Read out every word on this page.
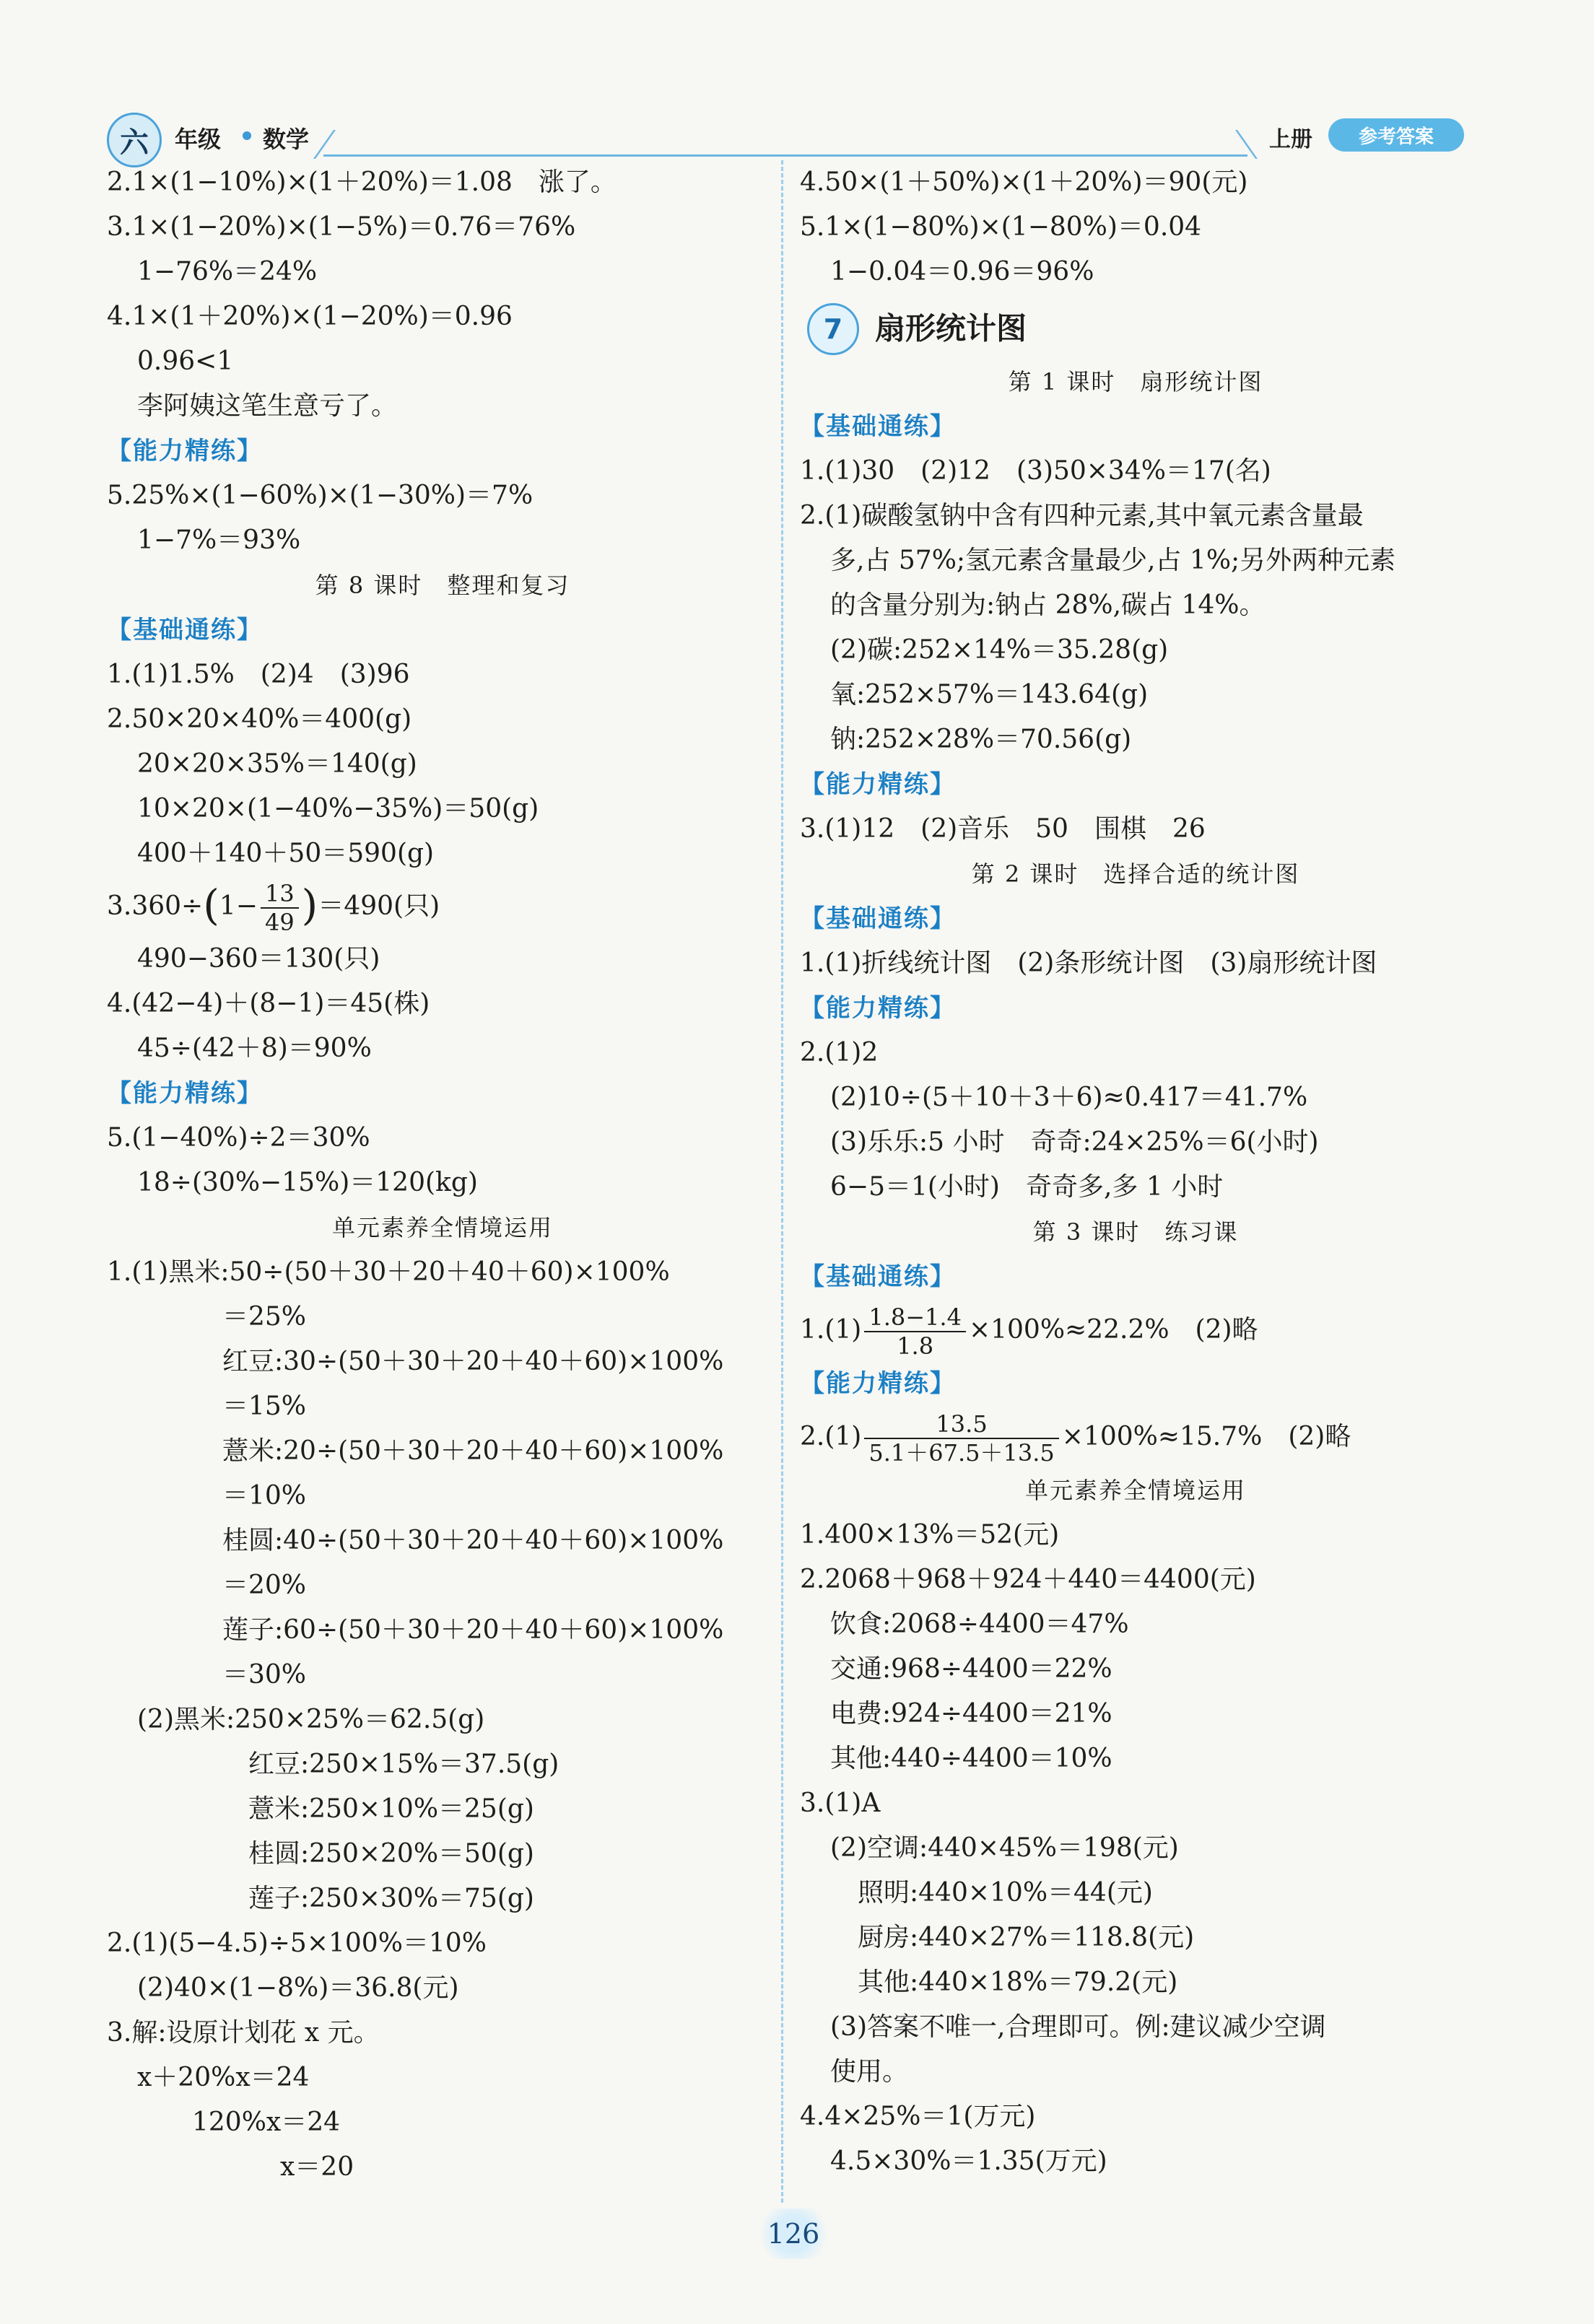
六	年级 数学	上册	参考答案
2.1×(1−10%)×(1＋20%)＝1.08　涨了。
3.1×(1−20%)×(1−5%)＝0.76＝76%
1−76%＝24%
4.1×(1＋20%)×(1−20%)＝0.96
0.96<1
李阿姨这笔生意亏了。
【能力精练】
5.25%×(1−60%)×(1−30%)＝7%
1−7%＝93%
第 8 课时　整理和复习
【基础通练】
1.(1)1.5%　(2)4　(3)96
2.50×20×40%＝400(g)
20×20×35%＝140(g)
10×20×(1−40%−35%)＝50(g)
400＋140＋50＝590(g)
$3.360\div(1- \frac{13}{49} )=490$(只)
490−360＝130(只)
4.(42−4)＋(8−1)＝45(株)
45÷(42＋8)＝90%
【能力精练】
5.(1−40%)÷2＝30%
18÷(30%−15%)＝120(kg)
单元素养全情境运用
1.(1)黑米:50÷(50＋30＋20＋40＋60)×100%
＝25%
红豆:30÷(50＋30＋20＋40＋60)×100%
＝15%
薏米:20÷(50＋30＋20＋40＋60)×100%
＝10%
桂圆:40÷(50＋30＋20＋40＋60)×100%
＝20%
莲子:60÷(50＋30＋20＋40＋60)×100%
＝30%
(2)黑米:250×25%＝62.5(g)
红豆:250×15%＝37.5(g)
薏米:250×10%＝25(g)
桂圆:250×20%＝50(g)
莲子:250×30%＝75(g)
2.(1)(5−4.5)÷5×100%＝10%
(2)40×(1−8%)＝36.8(元)
3.解:设原计划花 x 元。
x＋20%x＝24
120%x＝24
x＝20
4.50×(1＋50%)×(1＋20%)＝90(元)
5.1×(1−80%)×(1−80%)＝0.04
1−0.04＝0.96＝96%
7 扇形统计图
第 1 课时　扇形统计图
【基础通练】
1.(1)30　(2)12　(3)50×34%＝17(名)
2.(1)碳酸氢钠中含有四种元素,其中氧元素含量最
多,占 57%;氢元素含量最少,占 1%;另外两种元素
的含量分别为:钠占 28%,碳占 14%。
(2)碳:252×14%＝35.28(g)
氧:252×57%＝143.64(g)
钠:252×28%＝70.56(g)
【能力精练】
3.(1)12　(2)音乐　50　围棋　26
第 2 课时　选择合适的统计图
【基础通练】
1.(1)折线统计图　(2)条形统计图　(3)扇形统计图
【能力精练】
2.(1)2
(2)10÷(5＋10＋3＋6)≈0.417＝41.7%
(3)乐乐:5 小时　奇奇:24×25%＝6(小时)
6−5＝1(小时)　奇奇多,多 1 小时
第 3 课时　练习课
【基础通练】
$1.(1) \frac{1.8-1.4}{1.8} \times 100\%\approx 22.2\%$　(2)略
【能力精练】
$2.(1) \frac{13.5}{5.1+67.5+13.5} \times 100\%\approx 15.7\%$　(2)略
单元素养全情境运用
1.400×13%＝52(元)
2.2068＋968＋924＋440＝4400(元)
饮食:2068÷4400＝47%
交通:968÷4400＝22%
电费:924÷4400＝21%
其他:440÷4400＝10%
3.(1)A
(2)空调:440×45%＝198(元)
照明:440×10%＝44(元)
厨房:440×27%＝118.8(元)
其他:440×18%＝79.2(元)
(3)答案不唯一,合理即可。例:建议减少空调
使用。
4.4×25%＝1(万元)
4.5×30%＝1.35(万元)
126
